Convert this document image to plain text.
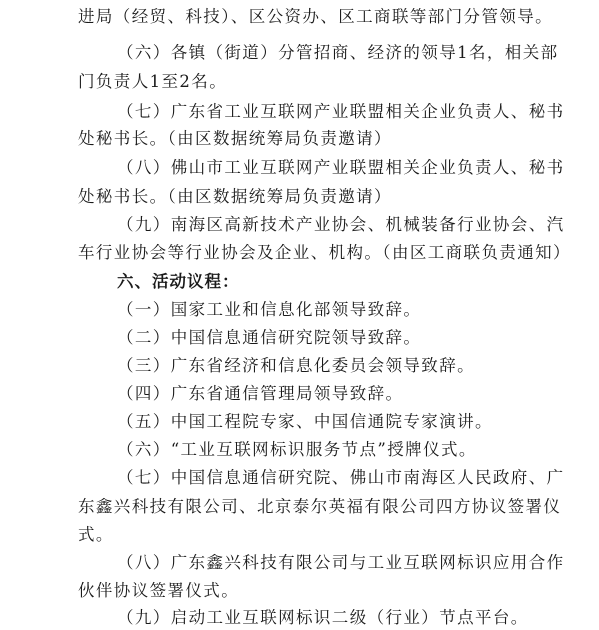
进局（经贸、科技）、区公资办、区工商联等部门分管领导。
（六）各镇（街道）分管招商、经济的领导1名，相关部
门负责人1至2名。
（七）广东省工业互联网产业联盟相关企业负责人、秘书
处秘书长。（由区数据统筹局负责邀请）
（八）佛山市工业互联网产业联盟相关企业负责人、秘书
处秘书长。（由区数据统筹局负责邀请）
（九）南海区高新技术产业协会、机械装备行业协会、汽
车行业协会等行业协会及企业、机构。（由区工商联负责通知）
六、活动议程：
（一）国家工业和信息化部领导致辞。
（二）中国信息通信研究院领导致辞。
（三）广东省经济和信息化委员会领导致辞。
（四）广东省通信管理局领导致辞。
（五）中国工程院专家、中国信通院专家演讲。
（六）“工业互联网标识服务节点”授牌仪式。
（七）中国信息通信研究院、佛山市南海区人民政府、广
东鑫兴科技有限公司、北京泰尔英福有限公司四方协议签署仪
式。
（八）广东鑫兴科技有限公司与工业互联网标识应用合作
伙伴协议签署仪式。
（九）启动工业互联网标识二级（行业）节点平台。
